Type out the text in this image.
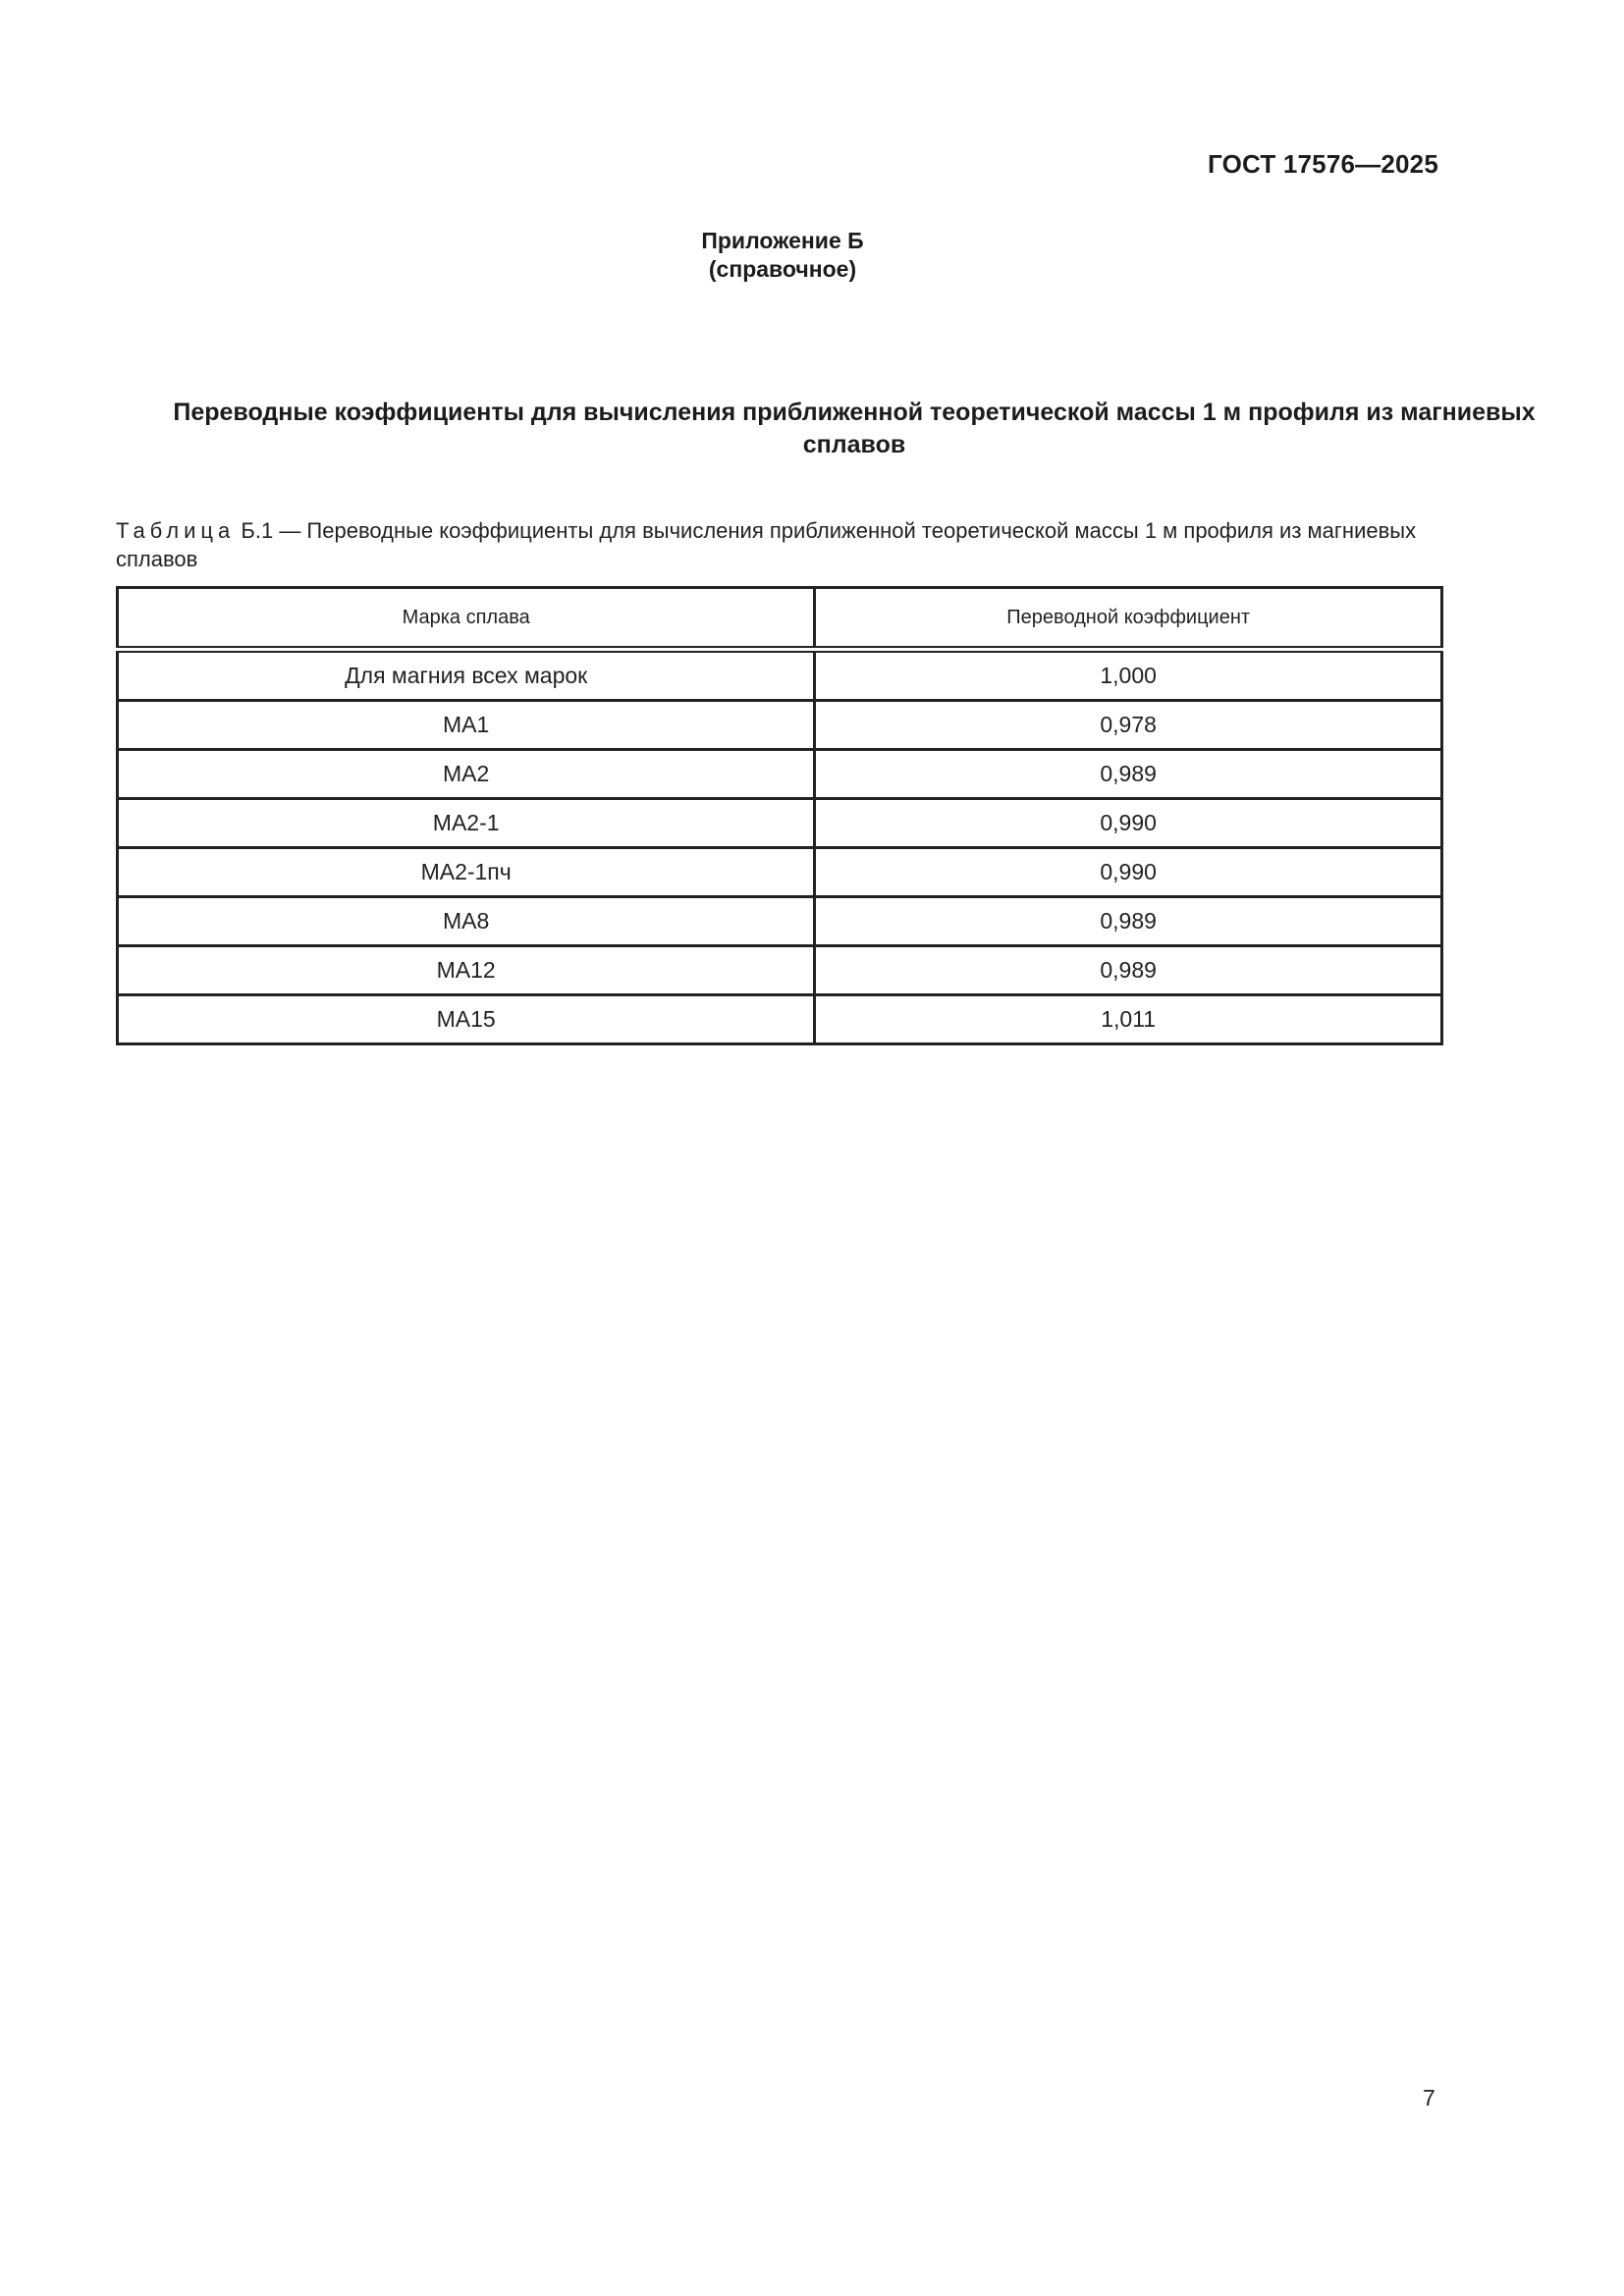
ГОСТ 17576—2025
Приложение Б
(справочное)
Переводные коэффициенты для вычисления приближенной теоретической массы 1 м профиля из магниевых сплавов
Таблица Б.1 — Переводные коэффициенты для вычисления приближенной теоретической массы 1 м профиля из магниевых сплавов
Марка сплава	Переводной коэффициент
Для магния всех марок	1,000
МА1	0,978
МА2	0,989
МА2-1	0,990
МА2-1пч	0,990
МА8	0,989
МА12	0,989
МА15	1,011
7
